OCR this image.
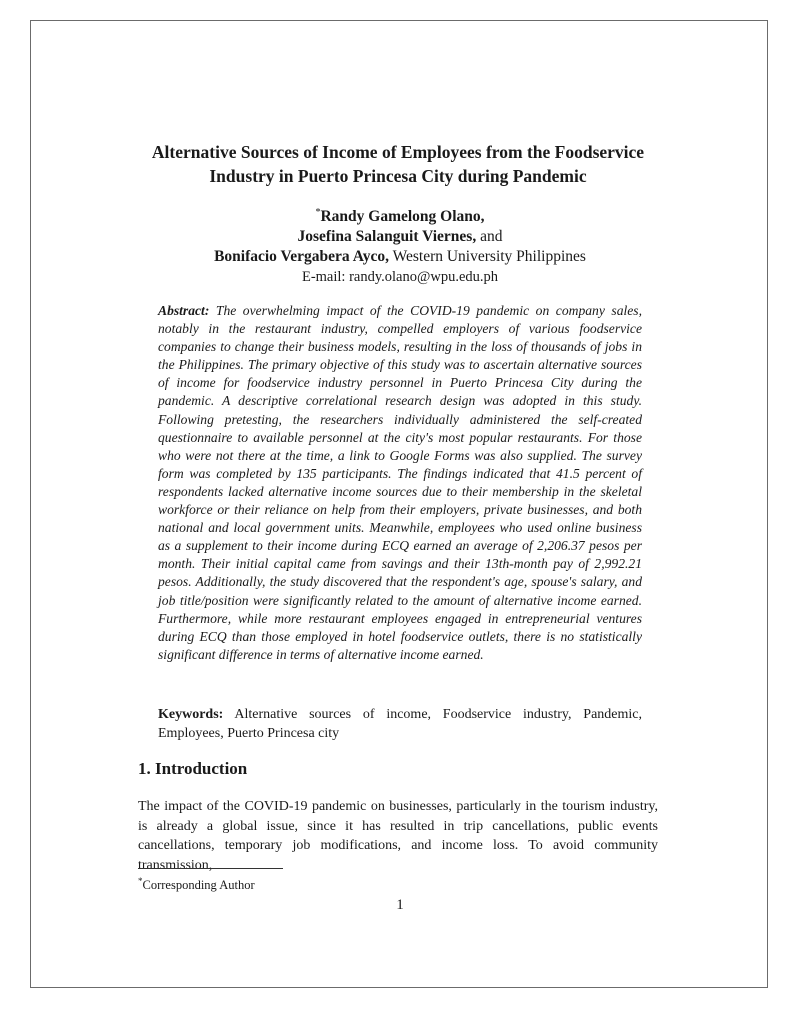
Alternative Sources of Income of Employees from the Foodservice
Industry in Puerto Princesa City during Pandemic
*Randy Gamelong Olano,
Josefina Salanguit Viernes, and
Bonifacio Vergabera Ayco, Western University Philippines
E-mail: randy.olano@wpu.edu.ph

Abstract: The overwhelming impact of the COVID-19 pandemic on company sales, notably in the restaurant industry, compelled employers of various foodservice companies to change their business models, resulting in the loss of thousands of jobs in the Philippines. The primary objective of this study was to ascertain alternative sources of income for foodservice industry personnel in Puerto Princesa City during the pandemic. A descriptive correlational research design was adopted in this study. Following pretesting, the researchers individually administered the self-created questionnaire to available personnel at the city's most popular restaurants. For those who were not there at the time, a link to Google Forms was also supplied. The survey form was completed by 135 participants. The findings indicated that 41.5 percent of respondents lacked alternative income sources due to their membership in the skeletal workforce or their reliance on help from their employers, private businesses, and both national and local government units. Meanwhile, employees who used online business as a supplement to their income during ECQ earned an average of 2,206.37 pesos per month. Their initial capital came from savings and their 13th-month pay of 2,992.21 pesos. Additionally, the study discovered that the respondent's age, spouse's salary, and job title/position were significantly related to the amount of alternative income earned. Furthermore, while more restaurant employees engaged in entrepreneurial ventures during ECQ than those employed in hotel foodservice outlets, there is no statistically significant difference in terms of alternative income earned.

Keywords: Alternative sources of income, Foodservice industry, Pandemic, Employees, Puerto Princesa city

1. Introduction

The impact of the COVID-19 pandemic on businesses, particularly in the tourism industry, is already a global issue, since it has resulted in trip cancellations, public events cancellations, temporary job modifications, and income loss. To avoid community transmission,

*Corresponding Author
1
